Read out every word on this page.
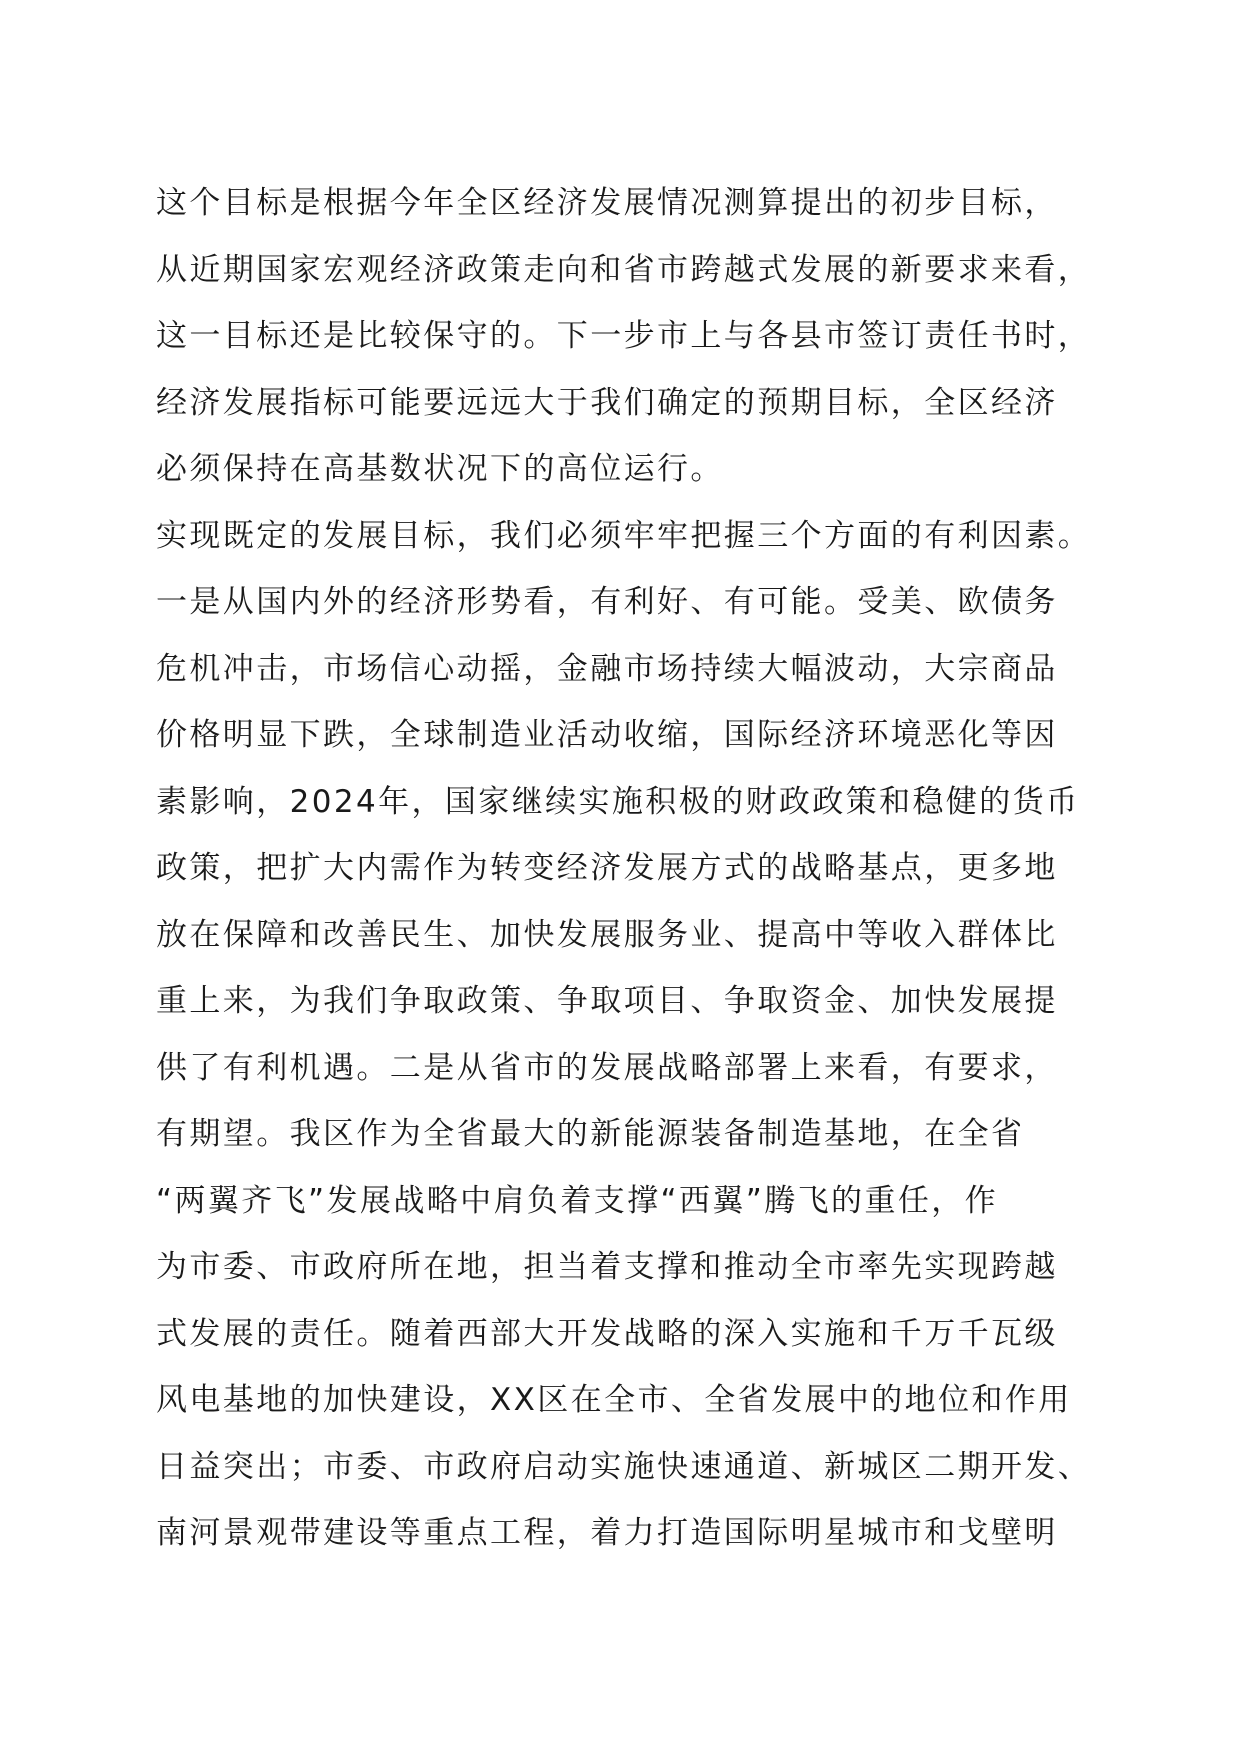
这个目标是根据今年全区经济发展情况测算提出的初步目标，
从近期国家宏观经济政策走向和省市跨越式发展的新要求来看，
这一目标还是比较保守的。下一步市上与各县市签订责任书时，
经济发展指标可能要远远大于我们确定的预期目标，全区经济
必须保持在高基数状况下的高位运行。
实现既定的发展目标，我们必须牢牢把握三个方面的有利因素。
一是从国内外的经济形势看，有利好、有可能。受美、欧债务
危机冲击，市场信心动摇，金融市场持续大幅波动，大宗商品
价格明显下跌，全球制造业活动收缩，国际经济环境恶化等因
素影响，2024年，国家继续实施积极的财政政策和稳健的货币
政策，把扩大内需作为转变经济发展方式的战略基点，更多地
放在保障和改善民生、加快发展服务业、提高中等收入群体比
重上来，为我们争取政策、争取项目、争取资金、加快发展提
供了有利机遇。二是从省市的发展战略部署上来看，有要求，
有期望。我区作为全省最大的新能源装备制造基地，在全省
“两翼齐飞”发展战略中肩负着支撑“西翼”腾飞的重任，作
为市委、市政府所在地，担当着支撑和推动全市率先实现跨越
式发展的责任。随着西部大开发战略的深入实施和千万千瓦级
风电基地的加快建设，XX区在全市、全省发展中的地位和作用
日益突出；市委、市政府启动实施快速通道、新城区二期开发、
南河景观带建设等重点工程，着力打造国际明星城市和戈壁明
